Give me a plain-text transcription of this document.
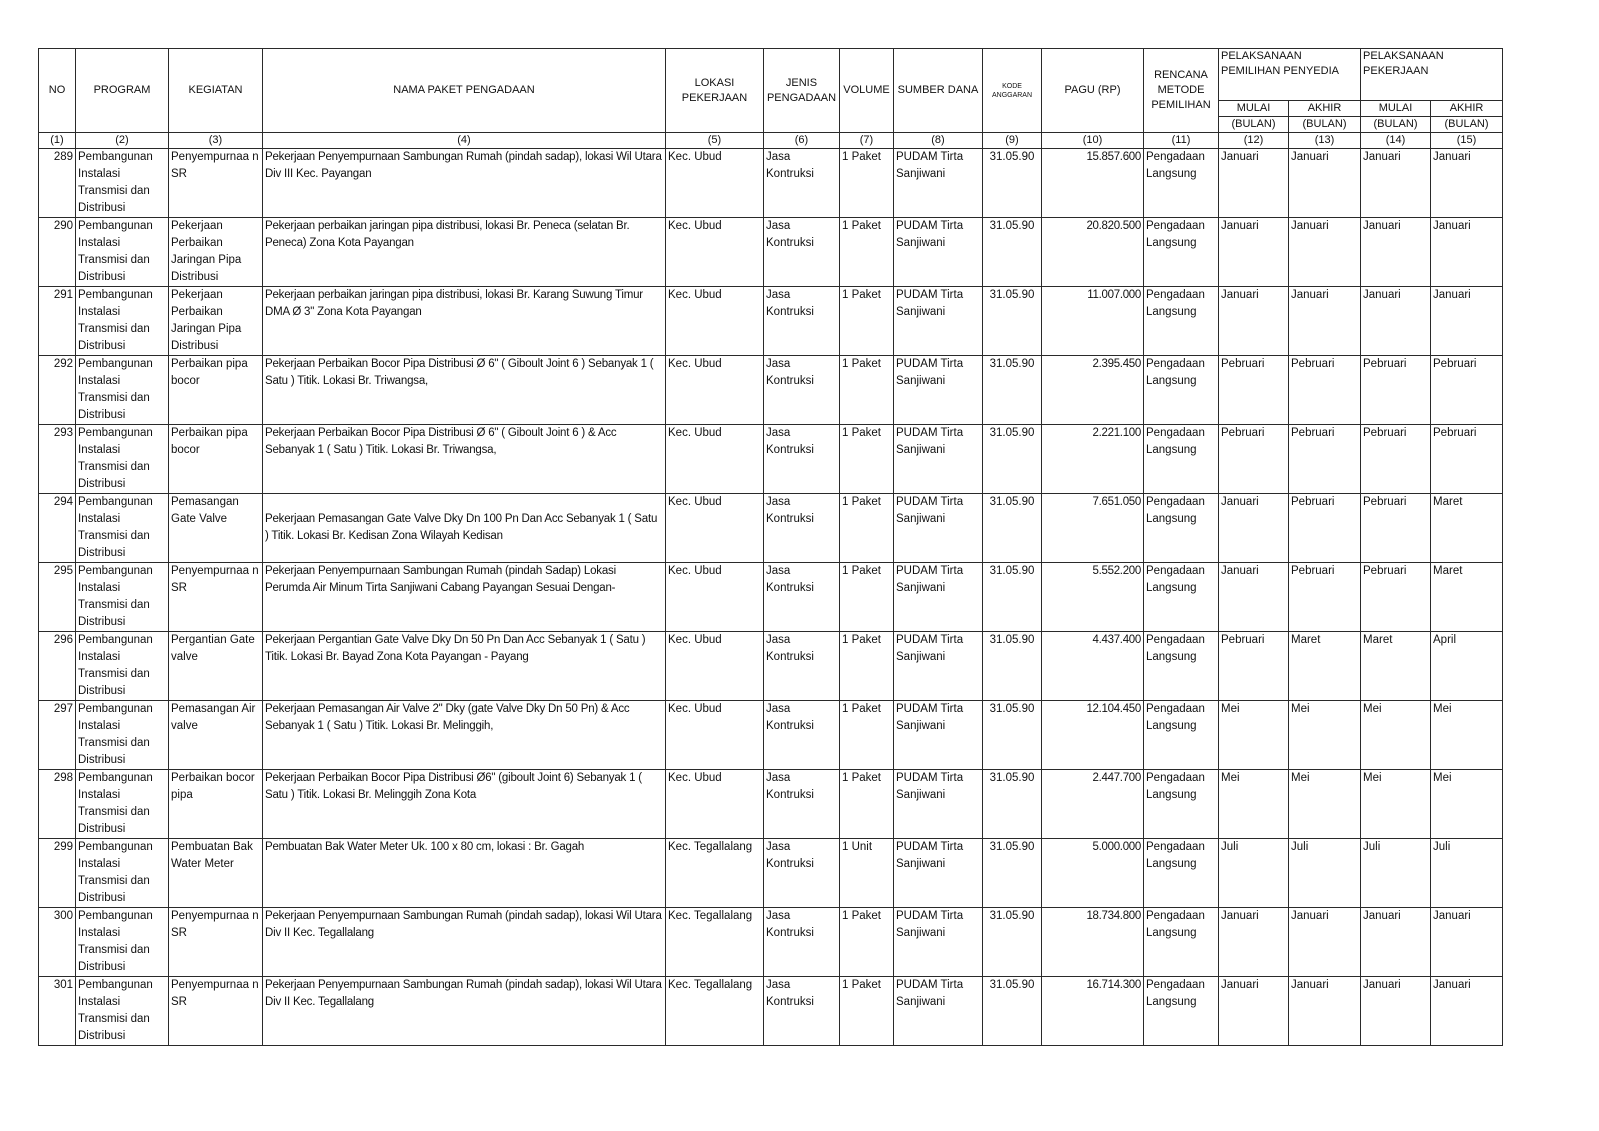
NO	PROGRAM	KEGIATAN	NAMA PAKET PENGADAAN	LOKASI PEKERJAAN	JENIS PENGADAAN	VOLUME	SUMBER DANA	KODE ANGGARAN	PAGU (RP)	RENCANA METODE PEMILIHAN	PELAKSANAAN PEMILIHAN PENYEDIA		PELAKSANAAN PEKERJAAN	
											MULAI	AKHIR	MULAI	AKHIR
											(BULAN)	(BULAN)	(BULAN)	(BULAN)
(1)	(2)	(3)	(4)	(5)	(6)	(7)	(8)	(9)	(10)	(11)	(12)	(13)	(14)	(15)
289	Pembangunan Instalasi Transmisi dan Distribusi	Penyempurnaa n SR	Pekerjaan Penyempurnaan Sambungan Rumah (pindah sadap), lokasi Wil Utara Div III Kec. Payangan	Kec. Ubud	Jasa Kontruksi	1 Paket	PUDAM Tirta Sanjiwani	31.05.90	15.857.600	Pengadaan Langsung	Januari	Januari	Januari	Januari
290	Pembangunan Instalasi Transmisi dan Distribusi	Pekerjaan Perbaikan Jaringan Pipa Distribusi	Pekerjaan perbaikan jaringan pipa distribusi, lokasi Br. Peneca (selatan Br. Peneca) Zona Kota Payangan	Kec. Ubud	Jasa Kontruksi	1 Paket	PUDAM Tirta Sanjiwani	31.05.90	20.820.500	Pengadaan Langsung	Januari	Januari	Januari	Januari
291	Pembangunan Instalasi Transmisi dan Distribusi	Pekerjaan Perbaikan Jaringan Pipa Distribusi	Pekerjaan perbaikan jaringan pipa distribusi, lokasi Br. Karang Suwung Timur DMA Ø 3" Zona Kota Payangan	Kec. Ubud	Jasa Kontruksi	1 Paket	PUDAM Tirta Sanjiwani	31.05.90	11.007.000	Pengadaan Langsung	Januari	Januari	Januari	Januari
292	Pembangunan Instalasi Transmisi dan Distribusi	Perbaikan pipa bocor	Pekerjaan Perbaikan Bocor Pipa Distribusi Ø 6" ( Giboult Joint 6 ) Sebanyak 1 ( Satu ) Titik. Lokasi Br. Triwangsa,	Kec. Ubud	Jasa Kontruksi	1 Paket	PUDAM Tirta Sanjiwani	31.05.90	2.395.450	Pengadaan Langsung	Pebruari	Pebruari	Pebruari	Pebruari
293	Pembangunan Instalasi Transmisi dan Distribusi	Perbaikan pipa bocor	Pekerjaan Perbaikan Bocor Pipa Distribusi Ø 6" ( Giboult Joint 6 ) & Acc Sebanyak 1 ( Satu ) Titik. Lokasi Br. Triwangsa,	Kec. Ubud	Jasa Kontruksi	1 Paket	PUDAM Tirta Sanjiwani	31.05.90	2.221.100	Pengadaan Langsung	Pebruari	Pebruari	Pebruari	Pebruari
294	Pembangunan Instalasi Transmisi dan Distribusi	Pemasangan Gate Valve	Pekerjaan Pemasangan Gate Valve Dky Dn 100 Pn Dan Acc Sebanyak 1 ( Satu ) Titik. Lokasi Br. Kedisan Zona Wilayah Kedisan	Kec. Ubud	Jasa Kontruksi	1 Paket	PUDAM Tirta Sanjiwani	31.05.90	7.651.050	Pengadaan Langsung	Januari	Pebruari	Pebruari	Maret
295	Pembangunan Instalasi Transmisi dan Distribusi	Penyempurnaa n SR	Pekerjaan Penyempurnaan Sambungan Rumah (pindah Sadap) Lokasi Perumda Air Minum Tirta Sanjiwani Cabang Payangan Sesuai Dengan-	Kec. Ubud	Jasa Kontruksi	1 Paket	PUDAM Tirta Sanjiwani	31.05.90	5.552.200	Pengadaan Langsung	Januari	Pebruari	Pebruari	Maret
296	Pembangunan Instalasi Transmisi dan Distribusi	Pergantian Gate valve	Pekerjaan Pergantian Gate Valve Dky Dn 50 Pn Dan Acc Sebanyak 1 ( Satu ) Titik. Lokasi Br. Bayad Zona Kota Payangan - Payang	Kec. Ubud	Jasa Kontruksi	1 Paket	PUDAM Tirta Sanjiwani	31.05.90	4.437.400	Pengadaan Langsung	Pebruari	Maret	Maret	April
297	Pembangunan Instalasi Transmisi dan Distribusi	Pemasangan Air valve	Pekerjaan Pemasangan Air Valve 2" Dky (gate Valve Dky Dn 50 Pn) & Acc Sebanyak 1 ( Satu ) Titik. Lokasi Br. Melinggih,	Kec. Ubud	Jasa Kontruksi	1 Paket	PUDAM Tirta Sanjiwani	31.05.90	12.104.450	Pengadaan Langsung	Mei	Mei	Mei	Mei
298	Pembangunan Instalasi Transmisi dan Distribusi	Perbaikan bocor pipa	Pekerjaan Perbaikan Bocor Pipa Distribusi Ø6" (giboult Joint 6) Sebanyak 1 ( Satu ) Titik. Lokasi Br. Melinggih Zona Kota	Kec. Ubud	Jasa Kontruksi	1 Paket	PUDAM Tirta Sanjiwani	31.05.90	2.447.700	Pengadaan Langsung	Mei	Mei	Mei	Mei
299	Pembangunan Instalasi Transmisi dan Distribusi	Pembuatan Bak Water Meter	Pembuatan Bak Water Meter Uk. 100 x 80 cm, lokasi : Br. Gagah	Kec. Tegallalang	Jasa Kontruksi	1 Unit	PUDAM Tirta Sanjiwani	31.05.90	5.000.000	Pengadaan Langsung	Juli	Juli	Juli	Juli
300	Pembangunan Instalasi Transmisi dan Distribusi	Penyempurnaa n SR	Pekerjaan Penyempurnaan Sambungan Rumah (pindah sadap), lokasi Wil Utara Div II Kec. Tegallalang	Kec. Tegallalang	Jasa Kontruksi	1 Paket	PUDAM Tirta Sanjiwani	31.05.90	18.734.800	Pengadaan Langsung	Januari	Januari	Januari	Januari
301	Pembangunan Instalasi Transmisi dan Distribusi	Penyempurnaa n SR	Pekerjaan Penyempurnaan Sambungan Rumah (pindah sadap), lokasi Wil Utara Div II Kec. Tegallalang	Kec. Tegallalang	Jasa Kontruksi	1 Paket	PUDAM Tirta Sanjiwani	31.05.90	16.714.300	Pengadaan Langsung	Januari	Januari	Januari	Januari
